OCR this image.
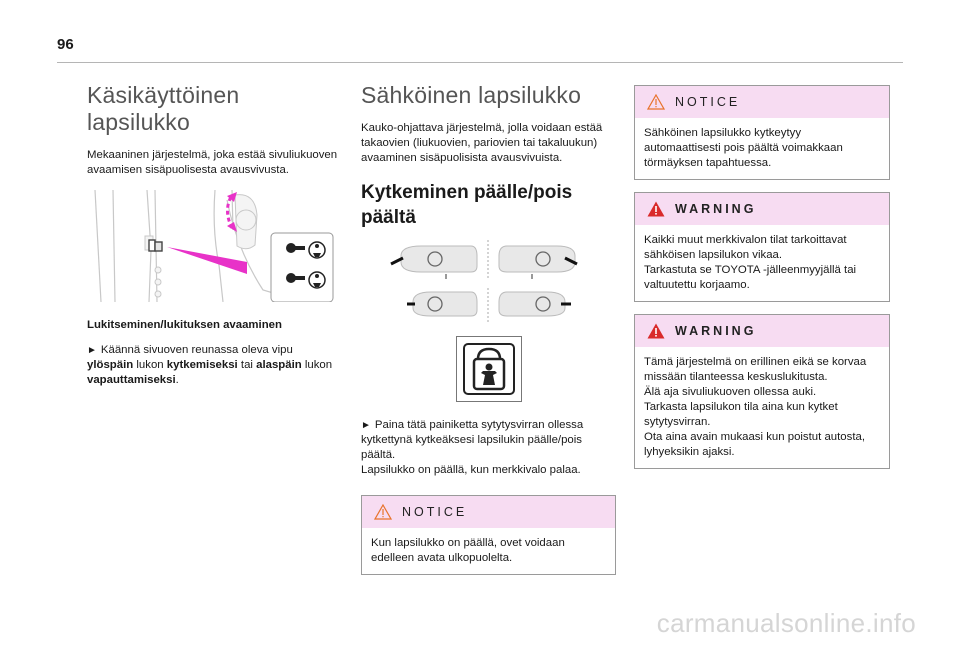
96
Käsikäyttöinen lapsilukko

Mekaaninen järjestelmä, joka estää sivuliukuoven avaamisen sisäpuolisesta avausvivusta.

Lukitseminen/lukituksen avaaminen

► Käännä sivuoven reunassa oleva vipu ylöspäin lukon kytkemiseksi tai alaspäin lukon vapauttamiseksi.

Sähköinen lapsilukko

Kauko-ohjattava järjestelmä, jolla voidaan estää takaovien (liukuovien, pariovien tai takaluukun) avaaminen sisäpuolisista avausvivuista.

Kytkeminen päälle/pois päältä

► Paina tätä painiketta sytytysvirran ollessa kytkettynä kytkeäksesi lapsilukin päälle/pois päältä.

Lapsilukko on päällä, kun merkkivalo palaa.

NOTICE
Kun lapsilukko on päällä, ovet voidaan edelleen avata ulkopuolelta.
NOTICE
Sähköinen lapsilukko kytkeytyy automaattisesti pois päältä voimakkaan törmäyksen tapahtuessa.
WARNING
Kaikki muut merkkivalon tilat tarkoittavat sähköisen lapsilukon vikaa.
Tarkastuta se TOYOTA -jälleenmyyjällä tai valtuutettu korjaamo.
WARNING
Tämä järjestelmä on erillinen eikä se korvaa missään tilanteessa keskuslukitusta.
Älä aja sivuliukuoven ollessa auki.
Tarkasta lapsilukon tila aina kun kytket sytytysvirran.
Ota aina avain mukaasi kun poistut autosta, lyhyeksikin ajaksi.
carmanualsonline.info
